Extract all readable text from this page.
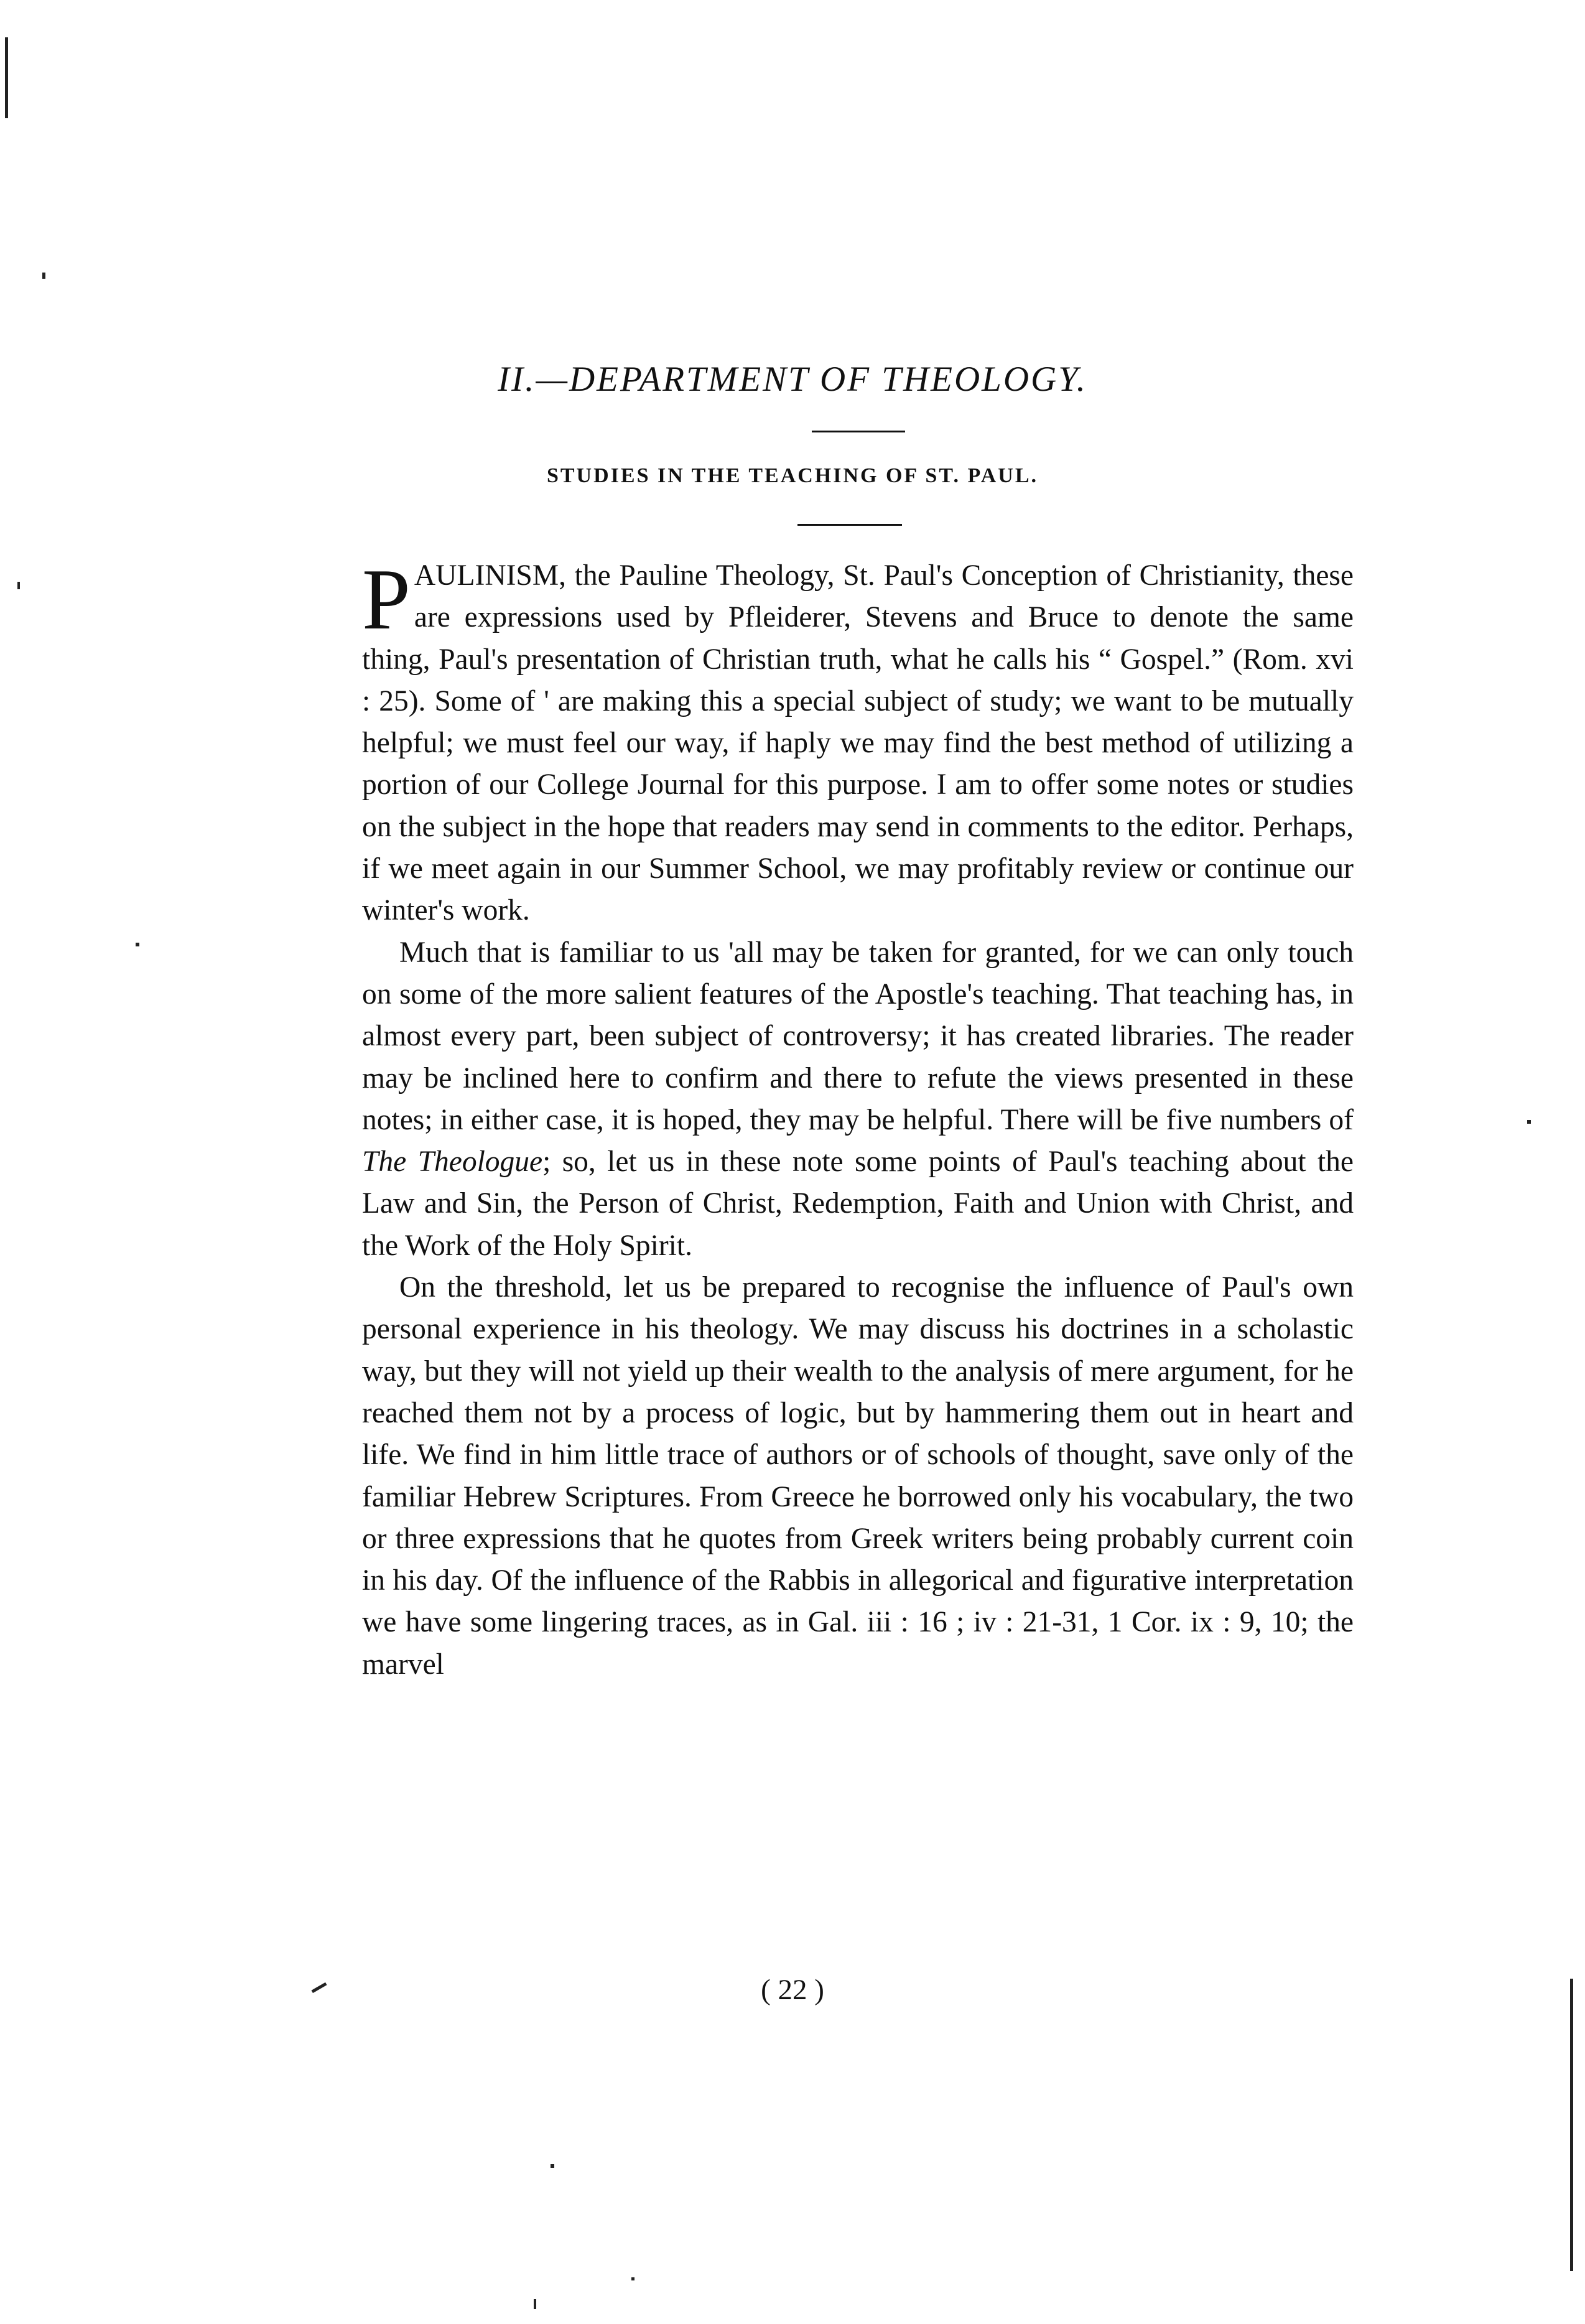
II.—DEPARTMENT OF THEOLOGY.
STUDIES IN THE TEACHING OF ST. PAUL.

PAULINISM, the Pauline Theology, St. Paul's Conception of Christianity, these are expressions used by Pfleiderer, Stevens and Bruce to denote the same thing, Paul's presentation of Christian truth, what he calls his “ Gospel.” (Rom. xvi : 25). Some of ' are making this a special subject of study; we want to be mutually helpful; we must feel our way, if haply we may find the best method of utilizing a portion of our College Journal for this purpose. I am to offer some notes or studies on the subject in the hope that readers may send in comments to the editor. Perhaps, if we meet again in our Summer School, we may profitably review or continue our winter's work.

Much that is familiar to us 'all may be taken for granted, for we can only touch on some of the more salient features of the Apostle's teaching. That teaching has, in almost every part, been subject of controversy; it has created libraries. The reader may be inclined here to confirm and there to refute the views presented in these notes; in either case, it is hoped, they may be helpful. There will be five numbers of The Theologue; so, let us in these note some points of Paul's teaching about the Law and Sin, the Person of Christ, Redemption, Faith and Union with Christ, and the Work of the Holy Spirit.

On the threshold, let us be prepared to recognise the influence of Paul's own personal experience in his theology. We may discuss his doctrines in a scholastic way, but they will not yield up their wealth to the analysis of mere argument, for he reached them not by a process of logic, but by hammering them out in heart and life. We find in him little trace of authors or of schools of thought, save only of the familiar Hebrew Scriptures. From Greece he borrowed only his vocabulary, the two or three expressions that he quotes from Greek writers being probably current coin in his day. Of the influence of the Rabbis in allegorical and figurative interpretation we have some lingering traces, as in Gal. iii : 16 ; iv : 21-31, 1 Cor. ix : 9, 10; the marvel

( 22 )
